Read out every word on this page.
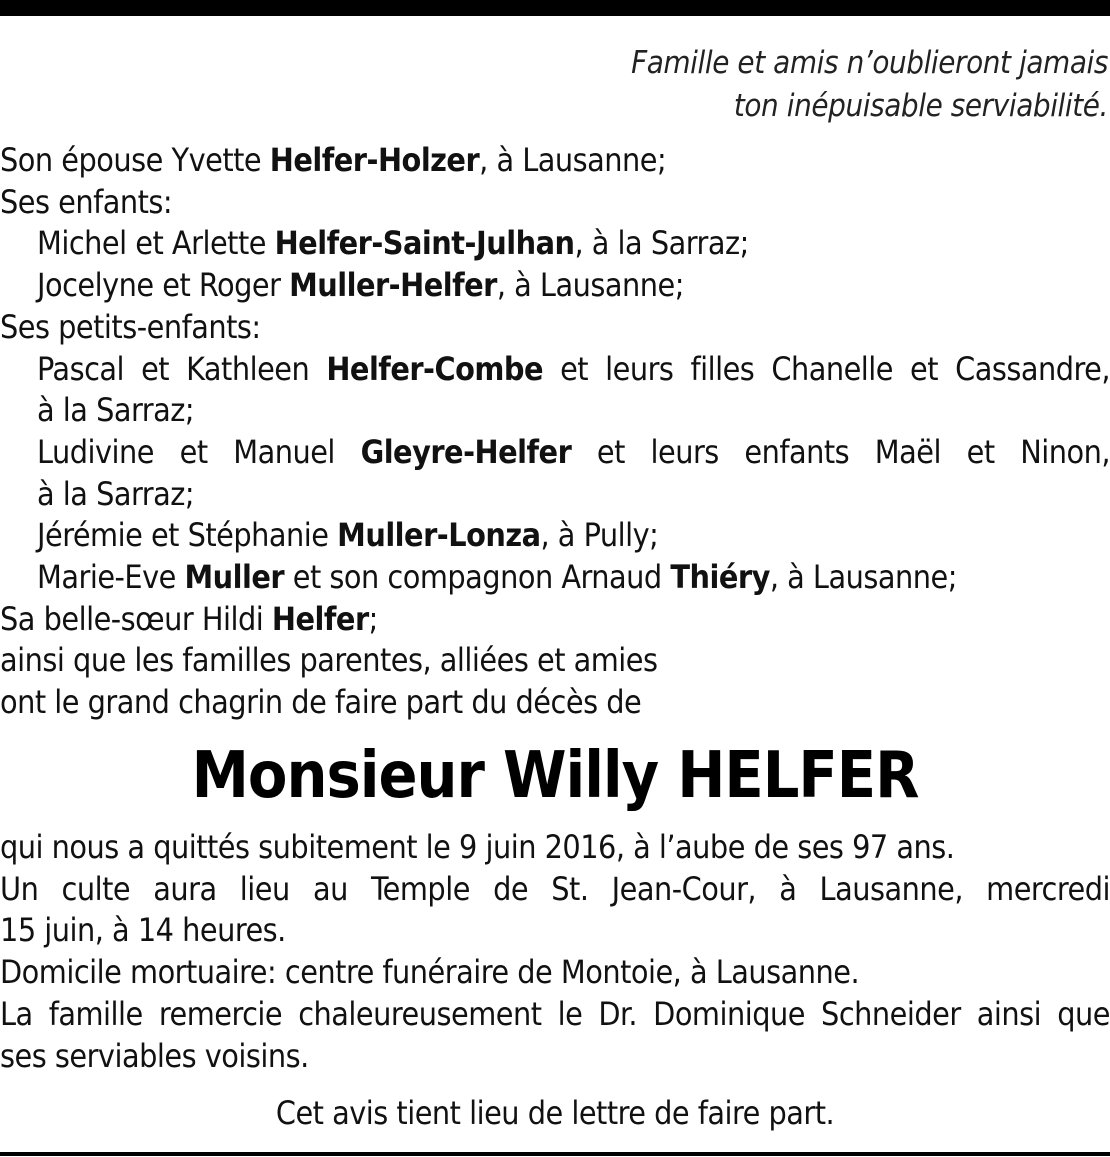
Famille et amis n’oublieront jamais
ton inépuisable serviabilité.
Son épouse Yvette Helfer-Holzer, à Lausanne;
Ses enfants:
Michel et Arlette Helfer-Saint-Julhan, à la Sarraz;
Jocelyne et Roger Muller-Helfer, à Lausanne;
Ses petits-enfants:
Pascal et Kathleen Helfer-Combe et leurs filles Chanelle et Cassandre,
à la Sarraz;
Ludivine et Manuel Gleyre-Helfer et leurs enfants Maël et Ninon,
à la Sarraz;
Jérémie et Stéphanie Muller-Lonza, à Pully;
Marie-Eve Muller et son compagnon Arnaud Thiéry, à Lausanne;
Sa belle-sœur Hildi Helfer;
ainsi que les familles parentes, alliées et amies
ont le grand chagrin de faire part du décès de
Monsieur Willy HELFER
qui nous a quittés subitement le 9 juin 2016, à l’aube de ses 97 ans.
Un culte aura lieu au Temple de St. Jean-Cour, à Lausanne, mercredi
15 juin, à 14 heures.
Domicile mortuaire: centre funéraire de Montoie, à Lausanne.
La famille remercie chaleureusement le Dr. Dominique Schneider ainsi que
ses serviables voisins.
Cet avis tient lieu de lettre de faire part.
